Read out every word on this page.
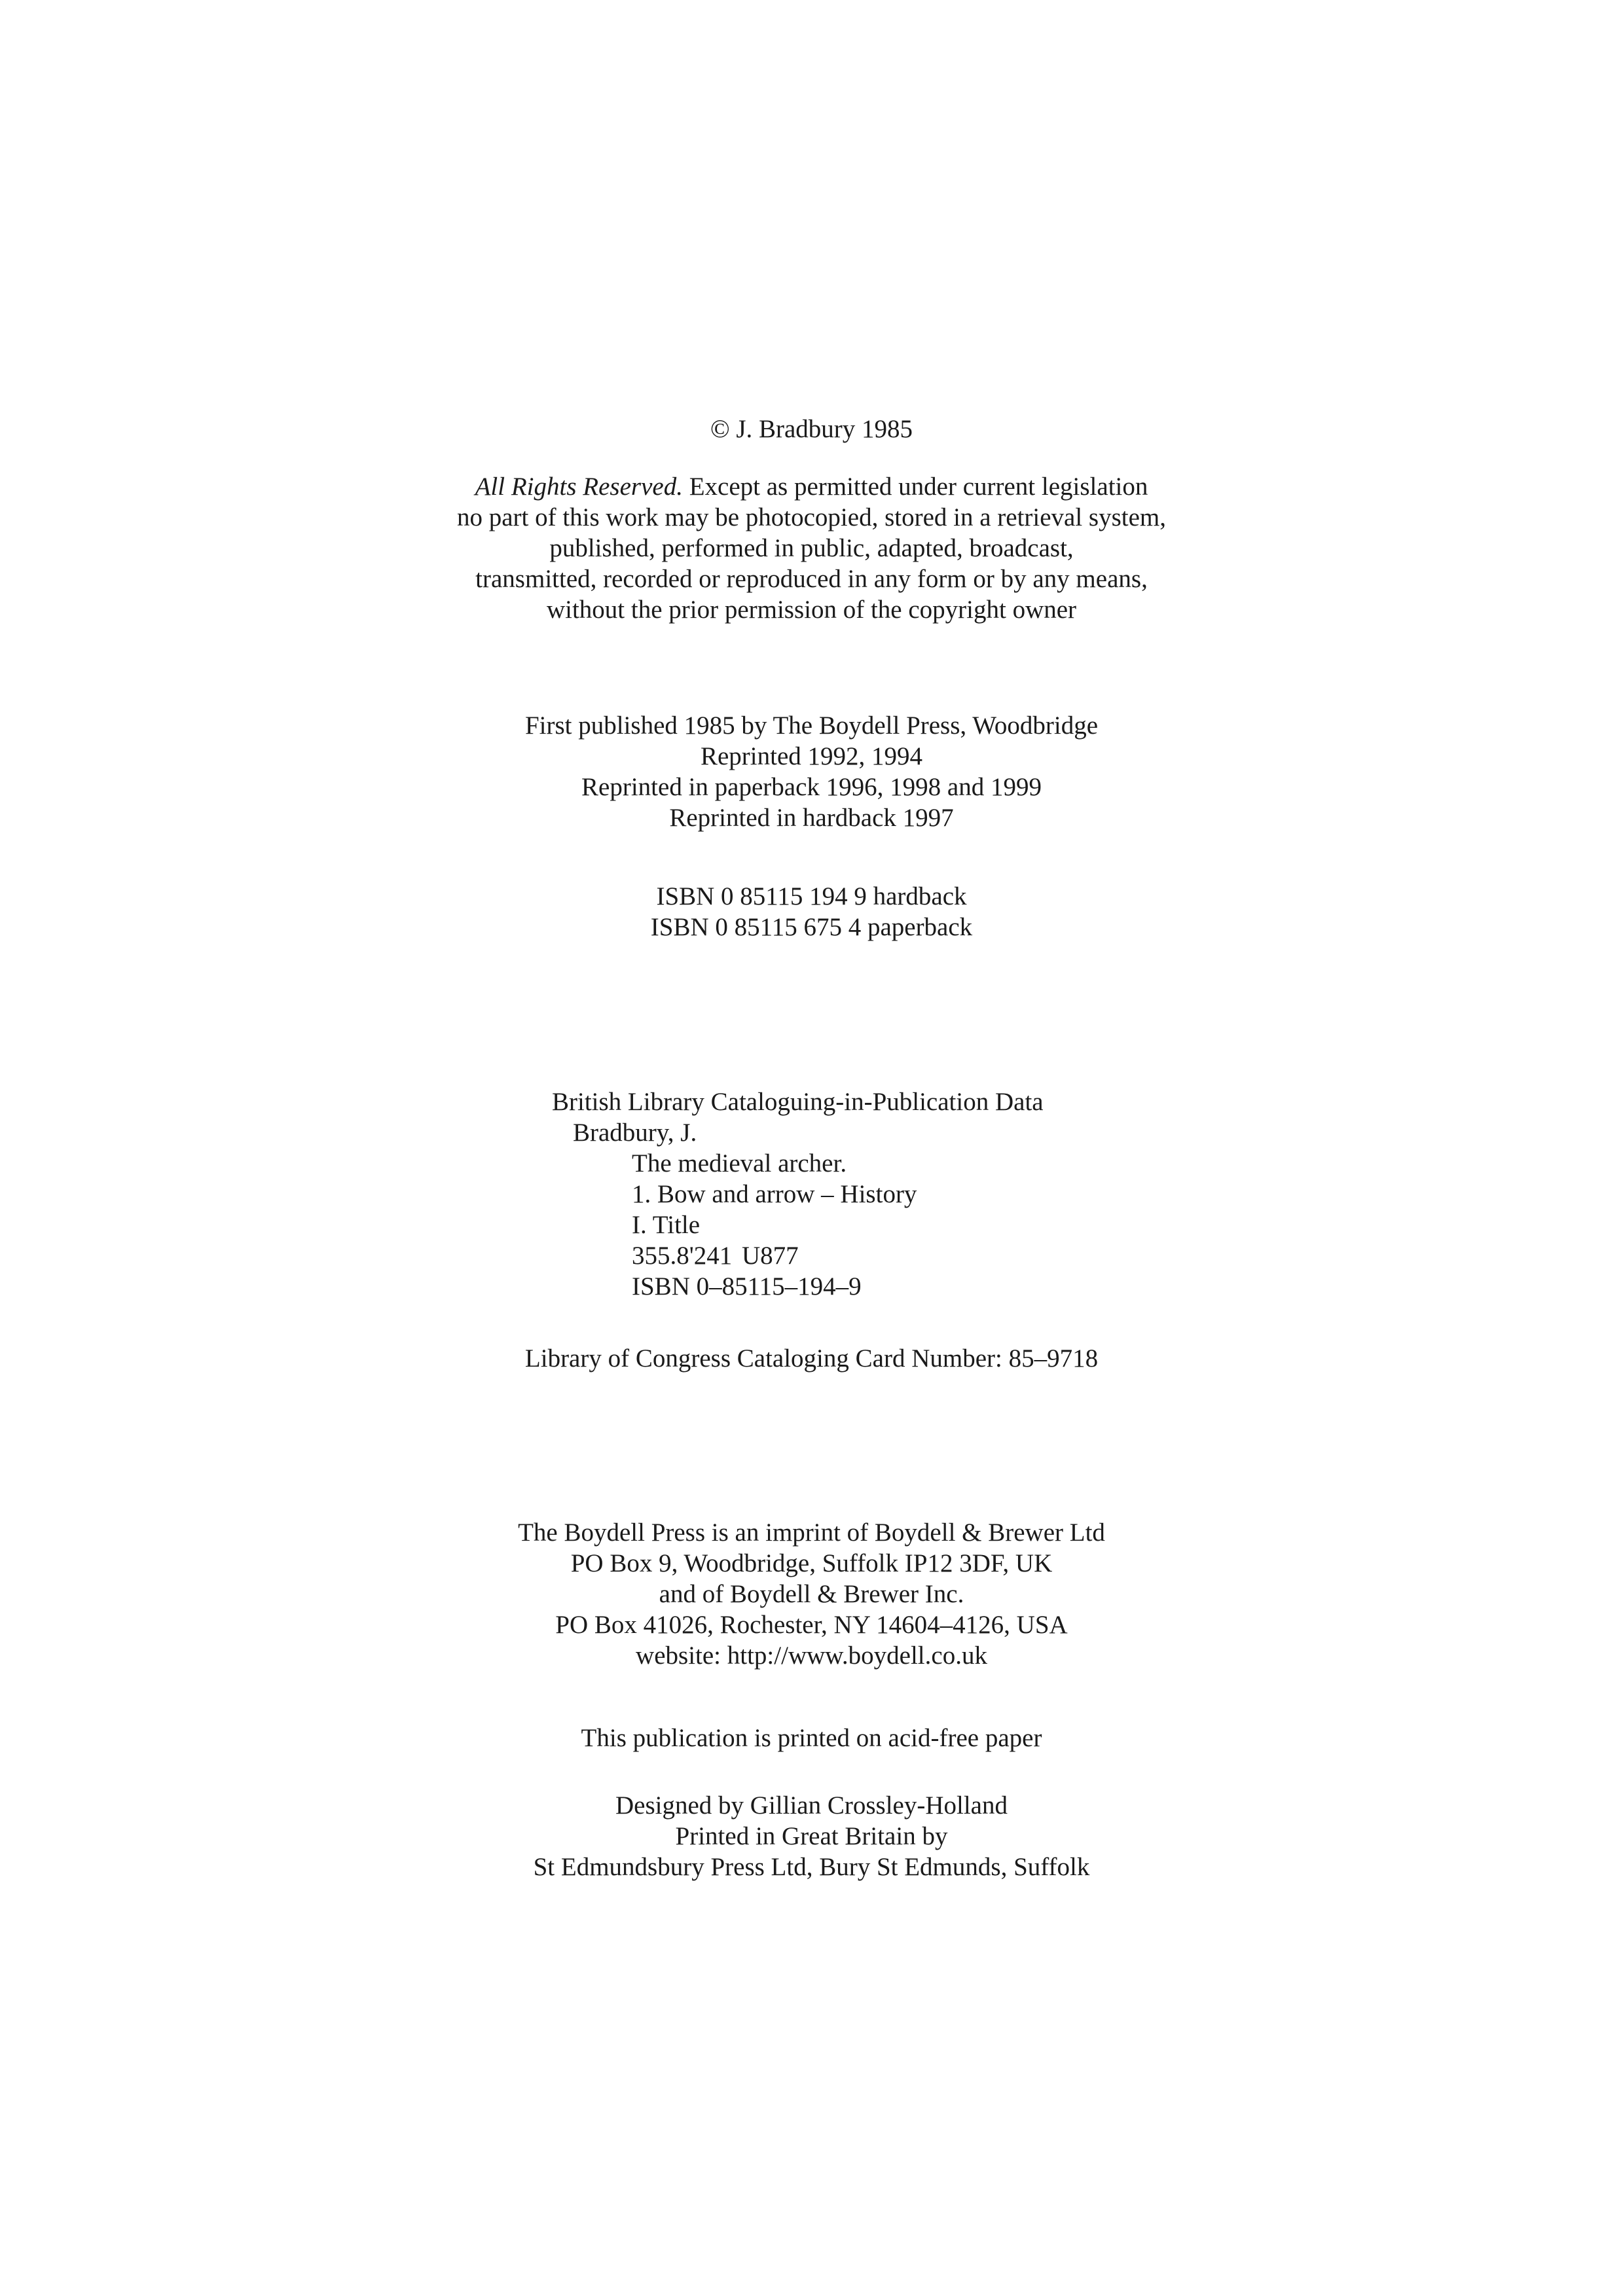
© J. Bradbury 1985
All Rights Reserved. Except as permitted under current legislation
no part of this work may be photocopied, stored in a retrieval system,
published, performed in public, adapted, broadcast,
transmitted, recorded or reproduced in any form or by any means,
without the prior permission of the copyright owner
First published 1985 by The Boydell Press, Woodbridge
Reprinted 1992, 1994
Reprinted in paperback 1996, 1998 and 1999
Reprinted in hardback 1997
ISBN 0 85115 194 9 hardback
ISBN 0 85115 675 4 paperback
British Library Cataloguing-in-Publication Data
Bradbury, J.
The medieval archer.
1. Bow and arrow – History
I. Title
355.8'241 U877
ISBN 0–85115–194–9
Library of Congress Cataloging Card Number: 85–9718
The Boydell Press is an imprint of Boydell & Brewer Ltd
PO Box 9, Woodbridge, Suffolk IP12 3DF, UK
and of Boydell & Brewer Inc.
PO Box 41026, Rochester, NY 14604–4126, USA
website: http://www.boydell.co.uk
This publication is printed on acid-free paper
Designed by Gillian Crossley-Holland
Printed in Great Britain by
St Edmundsbury Press Ltd, Bury St Edmunds, Suffolk
